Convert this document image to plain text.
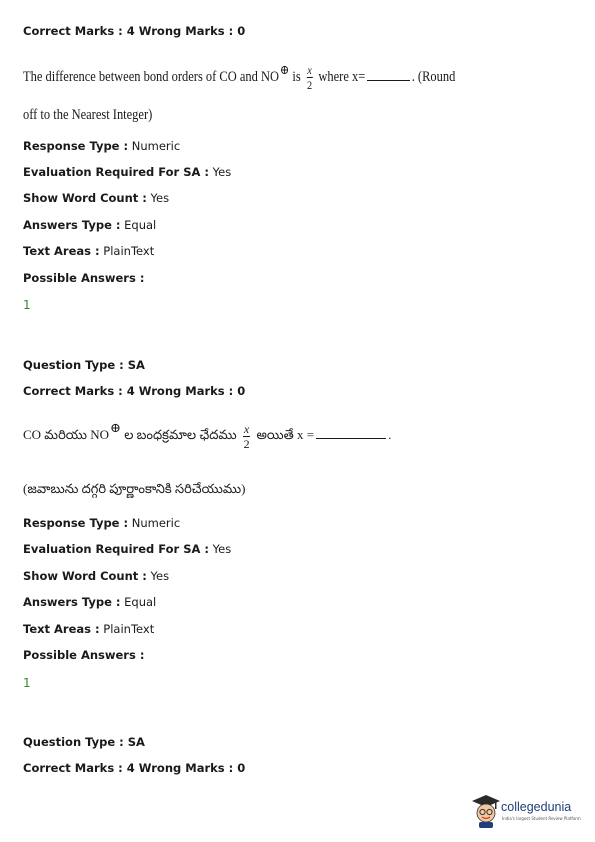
Correct Marks : 4 Wrong Marks : 0
The difference between bond orders of CO and NO⊕ is $\frac{x}{2}$ where x=	. (Round
off to the Nearest Integer)
Response Type : Numeric
Evaluation Required For SA : Yes
Show Word Count : Yes
Answers Type : Equal
Text Areas : PlainText
Possible Answers :
1
Question Type : SA
Correct Marks : 4 Wrong Marks : 0
CO మరియు NO⊕ ల బంధక్రమాల ఛేదము $\frac{x}{2}$ అయితే x =	.
(జవాబును దగ్గరి పూర్ణాంకానికి సరిచేయుము)
Response Type : Numeric
Evaluation Required For SA : Yes
Show Word Count : Yes
Answers Type : Equal
Text Areas : PlainText
Possible Answers :
1
Question Type : SA
Correct Marks : 4 Wrong Marks : 0
collegedunia
India's largest Student Review Platform
